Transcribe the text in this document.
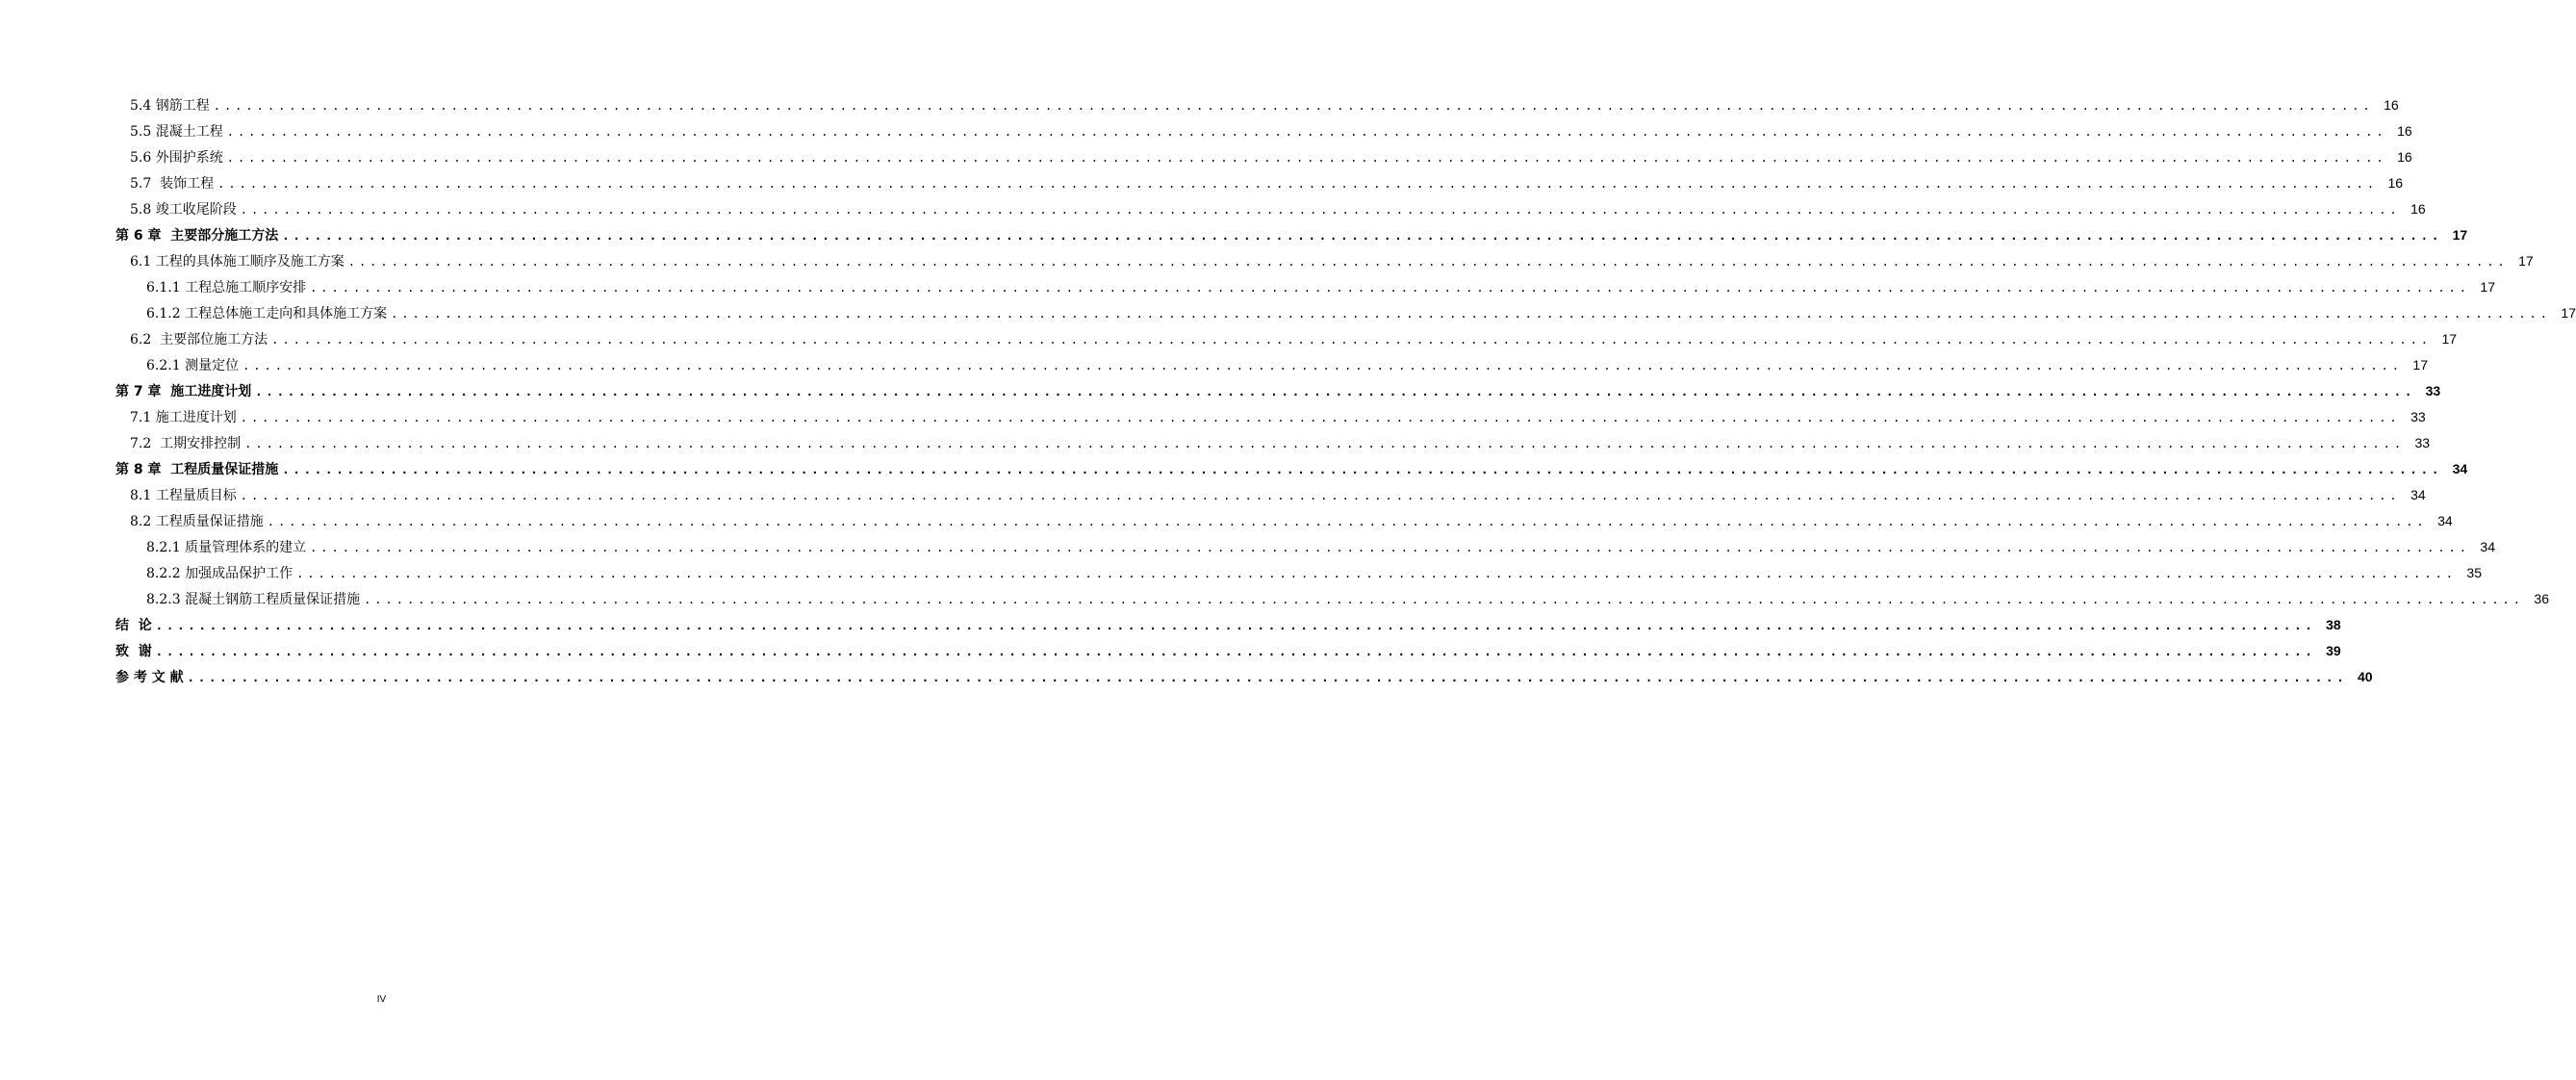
5.4 钢筋工程 ........................................................................................................................................................................................................ 16
5.5 混凝土工程 ........................................................................................................................................................................................................ 16
5.6 外围护系统 ........................................................................................................................................................................................................ 16
5.7  装饰工程 ........................................................................................................................................................................................................ 16
5.8 竣工收尾阶段 ........................................................................................................................................................................................................ 16
第 6 章  主要部分施工方法 ........................................................................................................................................................................................................ 17
6.1 工程的具体施工顺序及施工方案 ........................................................................................................................................................................................................ 17
6.1.1 工程总施工顺序安排 ........................................................................................................................................................................................................ 17
6.1.2 工程总体施工走向和具体施工方案 ........................................................................................................................................................................................................ 17
6.2  主要部位施工方法 ........................................................................................................................................................................................................ 17
6.2.1 测量定位 ........................................................................................................................................................................................................ 17
第 7 章  施工进度计划 ........................................................................................................................................................................................................ 33
7.1 施工进度计划 ........................................................................................................................................................................................................ 33
7.2  工期安排控制 ........................................................................................................................................................................................................ 33
第 8 章  工程质量保证措施 ........................................................................................................................................................................................................ 34
8.1 工程量质目标 ........................................................................................................................................................................................................ 34
8.2 工程质量保证措施 ........................................................................................................................................................................................................ 34
8.2.1 质量管理体系的建立 ........................................................................................................................................................................................................ 34
8.2.2 加强成品保护工作 ........................................................................................................................................................................................................ 35
8.2.3 混凝土钢筋工程质量保证措施 ........................................................................................................................................................................................................ 36
结  论 ........................................................................................................................................................................................................ 38
致  谢 ........................................................................................................................................................................................................ 39
参 考 文 献 ........................................................................................................................................................................................................ 40
IV
